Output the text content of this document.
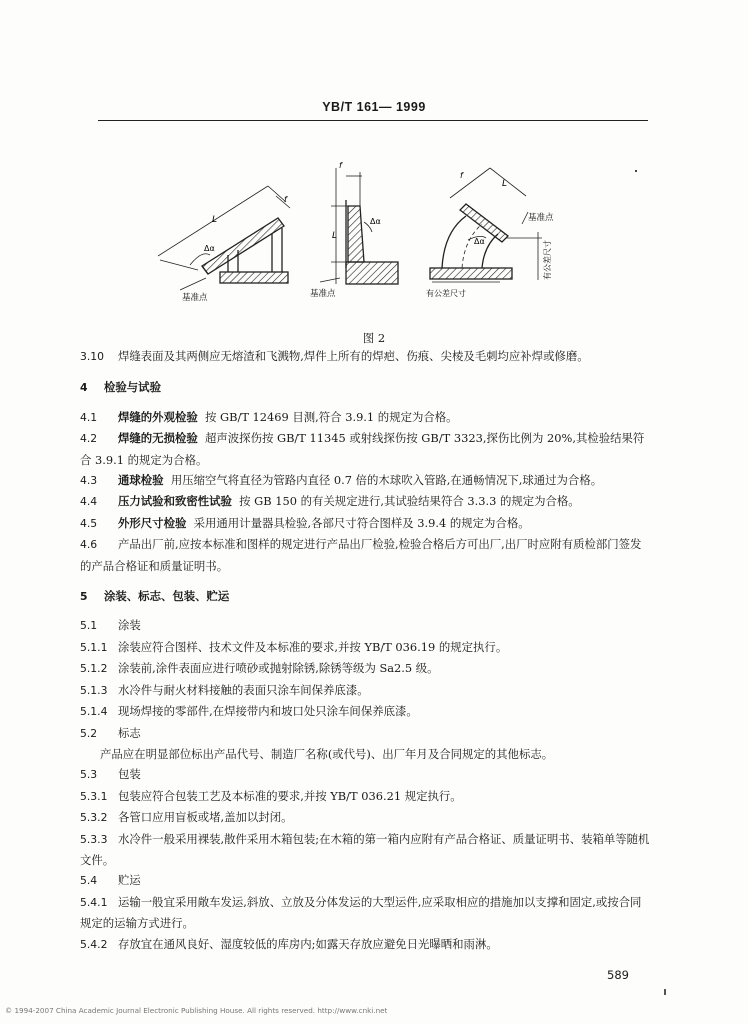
YB/T 161— 1999
L
f
Δα
基准点
f
L
Δα
基准点
f
L
Δα
基准点
有公差尺寸
有公差尺寸
图 2

3.10 焊缝表面及其两侧应无熔渣和飞溅物,焊件上所有的焊疤、伤痕、尖棱及毛刺均应补焊或修磨。

4 检验与试验

4.1 焊缝的外观检验 按 GB/T 12469 目测,符合 3.9.1 的规定为合格。

4.2 焊缝的无损检验 超声波探伤按 GB/T 11345 或射线探伤按 GB/T 3323,探伤比例为 20%,其检验结果符合 3.9.1 的规定为合格。

4.3 通球检验 用压缩空气将直径为管路内直径 0.7 倍的木球吹入管路,在通畅情况下,球通过为合格。

4.4 压力试验和致密性试验 按 GB 150 的有关规定进行,其试验结果符合 3.3.3 的规定为合格。

4.5 外形尺寸检验 采用通用计量器具检验,各部尺寸符合图样及 3.9.4 的规定为合格。

4.6 产品出厂前,应按本标准和图样的规定进行产品出厂检验,检验合格后方可出厂,出厂时应附有质检部门签发的产品合格证和质量证明书。

5 涂装、标志、包装、贮运

5.1 涂装

5.1.1 涂装应符合图样、技术文件及本标准的要求,并按 YB/T 036.19 的规定执行。

5.1.2 涂装前,涂件表面应进行喷砂或抛射除锈,除锈等级为 Sa2.5 级。

5.1.3 水冷件与耐火材料接触的表面只涂车间保养底漆。

5.1.4 现场焊接的零部件,在焊接带内和坡口处只涂车间保养底漆。

5.2 标志

产品应在明显部位标出产品代号、制造厂名称(或代号)、出厂年月及合同规定的其他标志。

5.3 包装

5.3.1 包装应符合包装工艺及本标准的要求,并按 YB/T 036.21 规定执行。

5.3.2 各管口应用盲板或堵,盖加以封闭。

5.3.3 水冷件一般采用裸装,散件采用木箱包装;在木箱的第一箱内应附有产品合格证、质量证明书、装箱单等随机文件。

5.4 贮运

5.4.1 运输一般宜采用敞车发运,斜放、立放及分体发运的大型运件,应采取相应的措施加以支撑和固定,或按合同规定的运输方式进行。

5.4.2 存放宜在通风良好、湿度较低的库房内;如露天存放应避免日光曝晒和雨淋。

589
© 1994-2007 China Academic Journal Electronic Publishing House. All rights reserved. http://www.cnki.net
